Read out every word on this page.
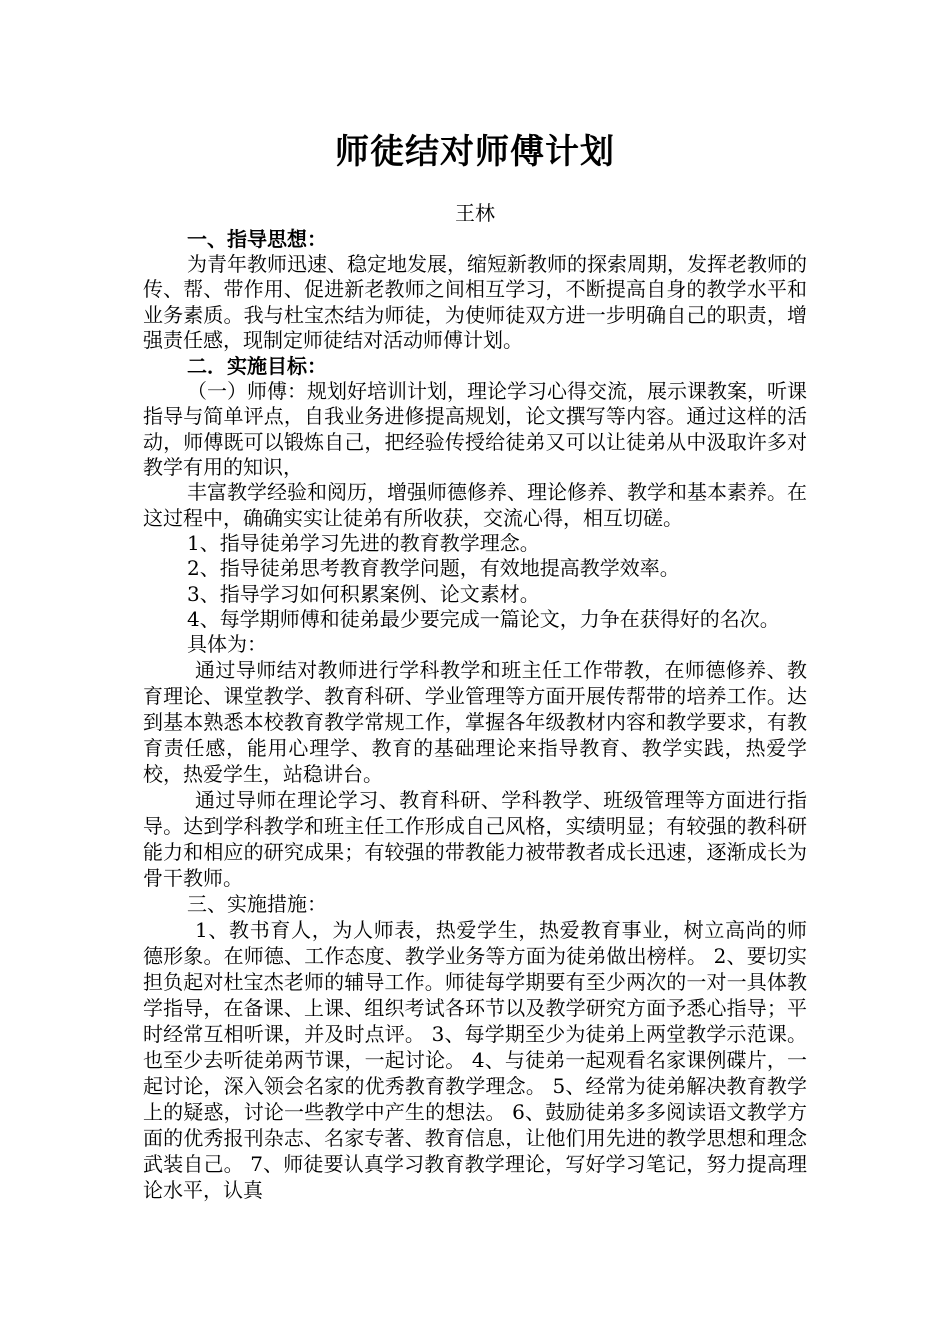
师徒结对师傅计划

王林

一、指导思想：

为青年教师迅速、稳定地发展，缩短新教师的探索周期，发挥老教师的传、帮、带作用、促进新老教师之间相互学习，不断提高自身的教学水平和业务素质。我与杜宝杰结为师徒，为使师徒双方进一步明确自己的职责，增强责任感，现制定师徒结对活动师傅计划。

二．实施目标：

（一）师傅：规划好培训计划，理论学习心得交流，展示课教案，听课指导与简单评点，自我业务进修提高规划，论文撰写等内容。通过这样的活动，师傅既可以锻炼自己，把经验传授给徒弟又可以让徒弟从中汲取许多对教学有用的知识，

丰富教学经验和阅历，增强师德修养、理论修养、教学和基本素养。在这过程中，确确实实让徒弟有所收获，交流心得，相互切磋。

1、指导徒弟学习先进的教育教学理念。

2、指导徒弟思考教育教学问题，有效地提高教学效率。

3、指导学习如何积累案例、论文素材。

4、每学期师傅和徒弟最少要完成一篇论文，力争在获得好的名次。

具体为：

通过导师结对教师进行学科教学和班主任工作带教，在师德修养、教育理论、课堂教学、教育科研、学业管理等方面开展传帮带的培养工作。达到基本熟悉本校教育教学常规工作，掌握各年级教材内容和教学要求，有教育责任感，能用心理学、教育的基础理论来指导教育、教学实践，热爱学校，热爱学生，站稳讲台。

通过导师在理论学习、教育科研、学科教学、班级管理等方面进行指导。达到学科教学和班主任工作形成自己风格，实绩明显；有较强的教科研能力和相应的研究成果；有较强的带教能力被带教者成长迅速，逐渐成长为骨干教师。

三、实施措施：

1、教书育人，为人师表，热爱学生，热爱教育事业，树立高尚的师德形象。在师德、工作态度、教学业务等方面为徒弟做出榜样。 2、要切实担负起对杜宝杰老师的辅导工作。师徒每学期要有至少两次的一对一具体教学指导，在备课、上课、组织考试各环节以及教学研究方面予悉心指导；平时经常互相听课，并及时点评。 3、每学期至少为徒弟上两堂教学示范课。也至少去听徒弟两节课，一起讨论。 4、与徒弟一起观看名家课例碟片，一起讨论，深入领会名家的优秀教育教学理念。 5、经常为徒弟解决教育教学上的疑惑，讨论一些教学中产生的想法。 6、鼓励徒弟多多阅读语文教学方面的优秀报刊杂志、名家专著、教育信息，让他们用先进的教学思想和理念武装自己。 7、师徒要认真学习教育教学理论，写好学习笔记，努力提高理论水平，认真
